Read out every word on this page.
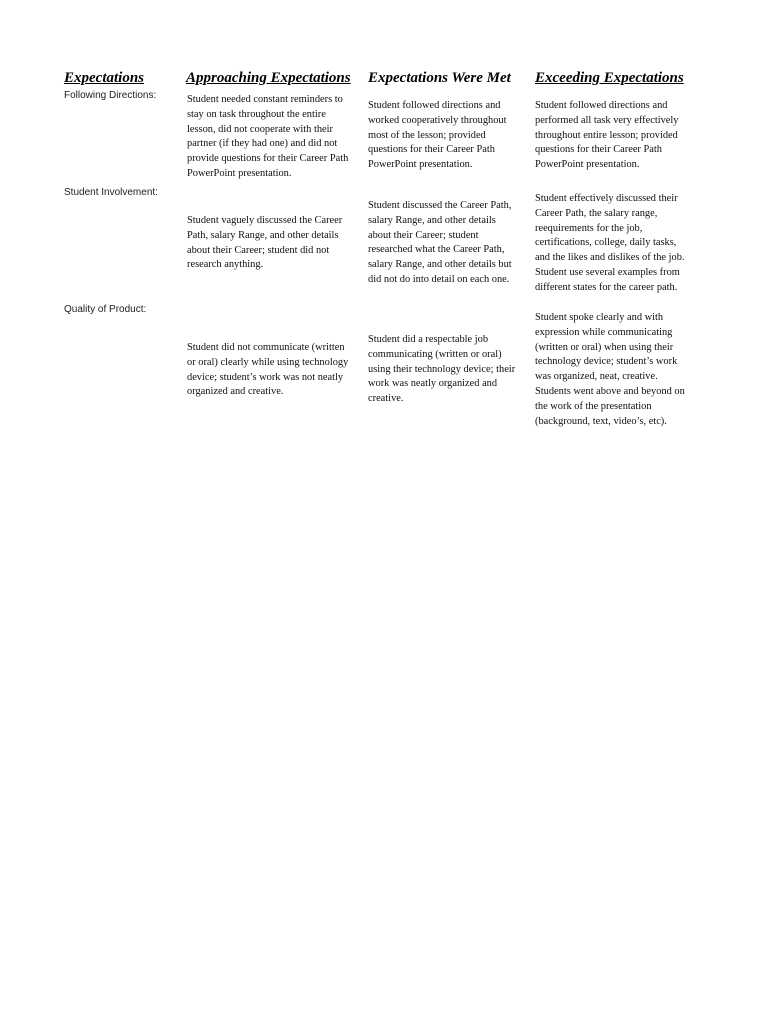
Expectations	Approaching Expectations Expectations Were Met Exceeding Expectations
Following Directions:	Student needed constant reminders to
stay on task throughout the entire
lesson, did not cooperate with their
partner (if they had one) and did not
provide questions for their Career Path
PowerPoint presentation.
Student followed directions and
worked cooperatively throughout
most of the lesson; provided
questions for their Career Path
PowerPoint presentation.
Student followed directions and
performed all task very effectively
throughout entire lesson; provided
questions for their Career Path
PowerPoint presentation.
Student Involvement:
Student vaguely discussed the Career
Path, salary Range, and other details
about their Career; student did not
research anything.
Student discussed the Career Path,
salary Range, and other details
about their Career; student
researched what the Career Path,
salary Range, and other details but
did not do into detail on each one.
Student effectively discussed their
Career Path, the salary range,
reequirements for the job,
certifications, college, daily tasks,
and the likes and dislikes of the job.
Student use several examples from
different states for the career path.
Quality of Product:
Student did not communicate (written
or oral) clearly while using technology
device; student’s work was not neatly
organized and creative.
Student did a respectable job
communicating (written or oral)
using their technology device; their
work was neatly organized and
creative.
Student spoke clearly and with
expression while communicating
(written or oral) when using their
technology device; student’s work
was organized, neat, creative.
Students went above and beyond on
the work of the presentation
(background, text, video’s, etc).
